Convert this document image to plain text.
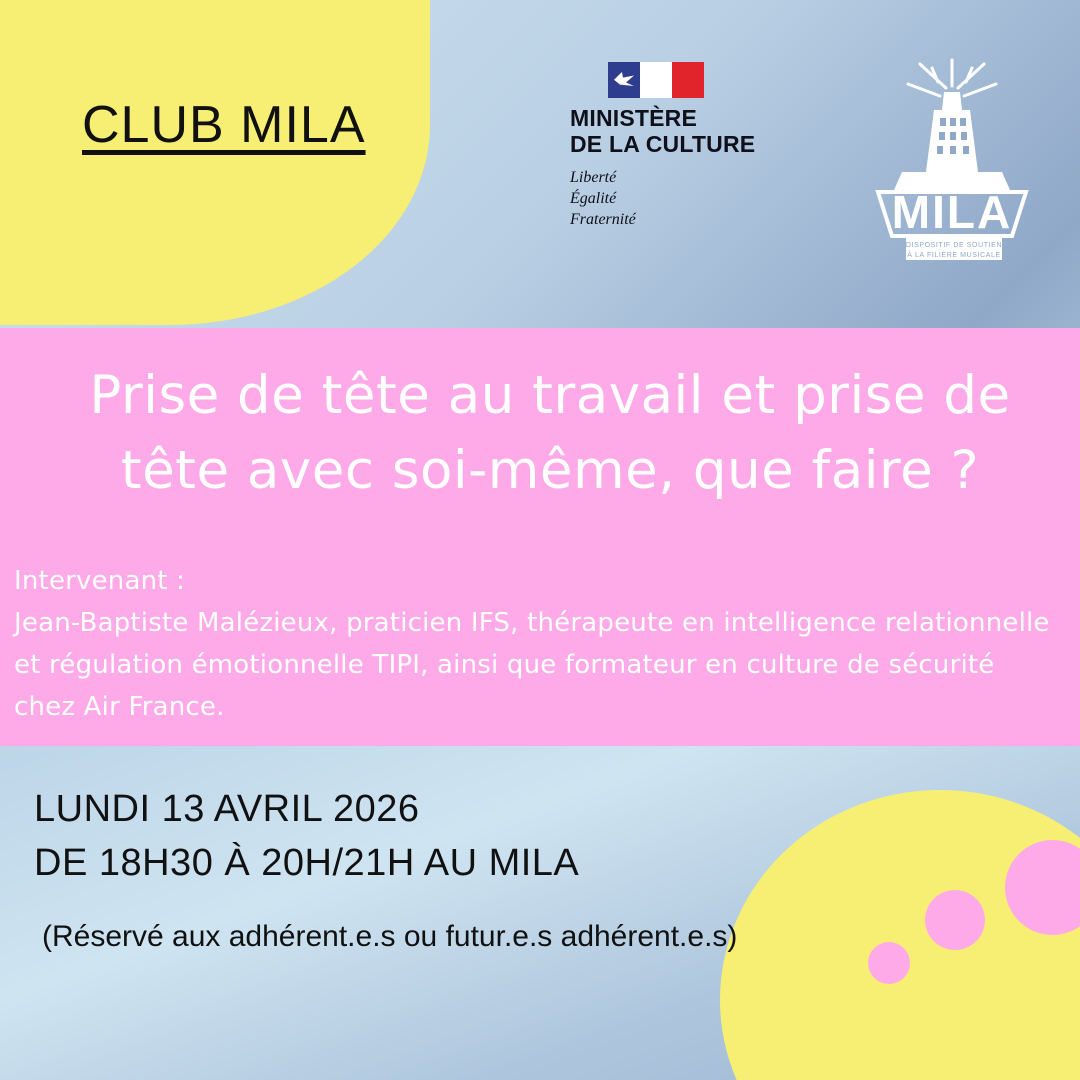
CLUB MILA	MINISTÈRE
DE LA CULTURE
Liberté
Égalité
Fraternité	MILA
DISPOSITIF DE SOUTIEN
À LA FILIÈRE MUSICALE
Prise de tête au travail et prise de tête avec soi-même, que faire ?
Intervenant :
Jean-Baptiste Malézieux, praticien IFS, thérapeute en intelligence relationnelle et régulation émotionnelle TIPI, ainsi que formateur en culture de sécurité chez Air France.
LUNDI 13 AVRIL 2026
DE 18H30 À 20H/21H AU MILA
(Réservé aux adhérent.e.s ou futur.e.s adhérent.e.s)
